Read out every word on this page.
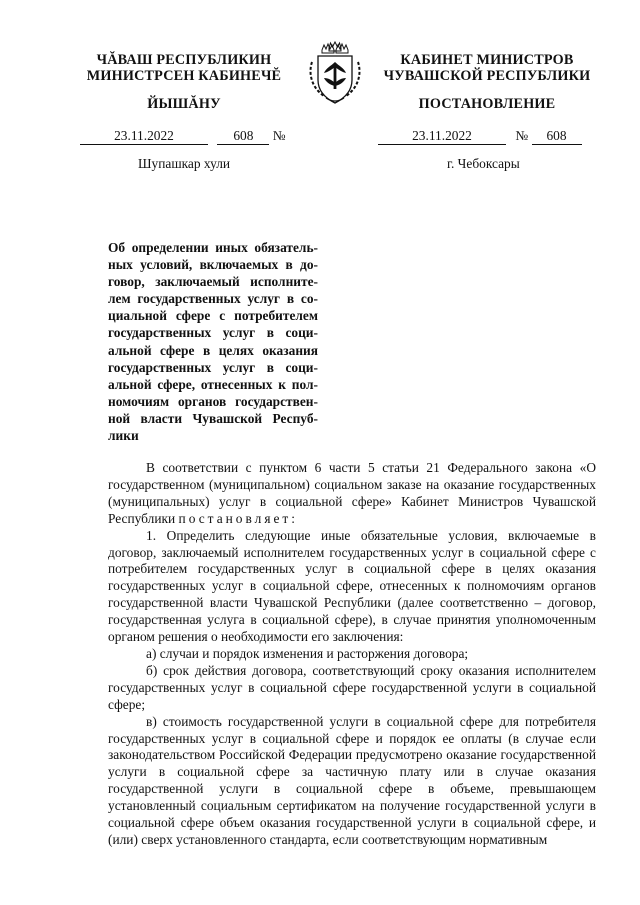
ЧĂВАШ РЕСПУБЛИКИН
МИНИСТРСЕН КАБИНЕЧĔ
КАБИНЕТ МИНИСТРОВ
ЧУВАШСКОЙ РЕСПУБЛИКИ
ЙЫШĂНУ	ПОСТАНОВЛЕНИЕ
23.11.2022	608 №	23.11.2022	№ 608
Шупашкар хули	г. Чебоксары

Об определении иных обязательных условий, включаемых в договор, заключаемый исполнителем государственных услуг в социальной сфере с потребителем государственных услуг в социальной сфере в целях оказания государственных услуг в социальной сфере, отнесенных к полномочиям органов государственной власти Чувашской Республики

В соответствии с пунктом 6 части 5 статьи 21 Федерального закона «О государственном (муниципальном) социальном заказе на оказание государственных (муниципальных) услуг в социальной сфере» Кабинет Министров Чувашской Республики постановляет:

1. Определить следующие иные обязательные условия, включаемые в договор, заключаемый исполнителем государственных услуг в социальной сфере с потребителем государственных услуг в социальной сфере в целях оказания государственных услуг в социальной сфере, отнесенных к полномочиям органов государственной власти Чувашской Республики (далее соответственно – договор, государственная услуга в социальной сфере), в случае принятия уполномоченным органом решения о необходимости его заключения:

а) случаи и порядок изменения и расторжения договора;

б) срок действия договора, соответствующий сроку оказания исполнителем государственных услуг в социальной сфере государственной услуги в социальной сфере;

в) стоимость государственной услуги в социальной сфере для потребителя государственных услуг в социальной сфере и порядок ее оплаты (в случае если законодательством Российской Федерации предусмотрено оказание государственной услуги в социальной сфере за частичную плату или в случае оказания государственной услуги в социальной сфере в объеме, превышающем установленный социальным сертификатом на получение государственной услуги в социальной сфере объем оказания государственной услуги в социальной сфере, и (или) сверх установленного стандарта, если соответствующим нормативным
